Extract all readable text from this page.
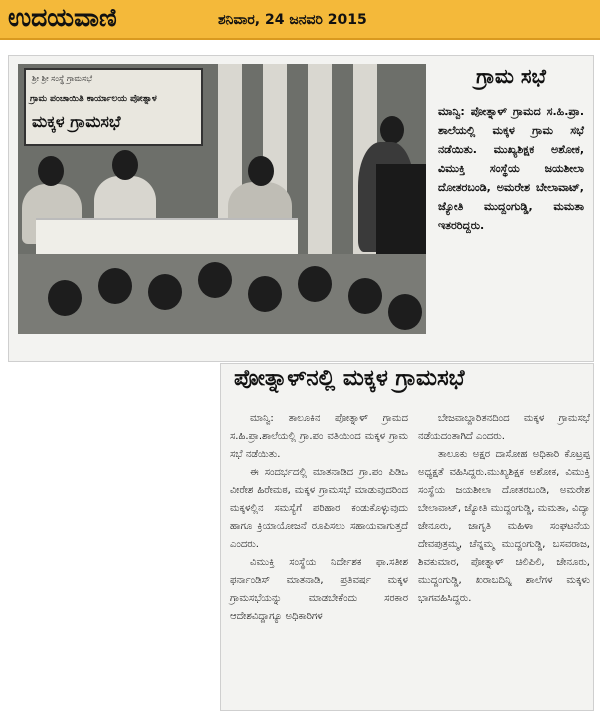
ಉದಯವಾಣಿ	ಶನಿವಾರ, 24 ಜನವರಿ 2015
ಶ್ರೀ ಶ್ರೀ ಸಂಸ್ಥೆ ಗ್ರಾಮಸಭೆ
ಗ್ರಾಮ ಪಂಚಾಯಿತಿ ಕಾರ್ಯಾಲಯ ಪೋತ್ನಾಳ
ಮಕ್ಕಳ ಗ್ರಾಮಸಭೆ
ಗ್ರಾಮ ಸಭೆ
ಮಾನ್ವಿ: ಪೋತ್ನಾಳ್ ಗ್ರಾಮದ ಸ.ಹಿ.ಪ್ರಾ. ಶಾಲೆಯಲ್ಲಿ ಮಕ್ಕಳ ಗ್ರಾಮ ಸಭೆ ನಡೆಯಿತು. ಮುಖ್ಯಶಿಕ್ಷಕ ಅಶೋಕ, ವಿಮುಕ್ತಿ ಸಂಸ್ಥೆಯ ಜಯಶೀಲಾ ದೋತರಬಂಡಿ, ಅಮರೇಶ ಬೇಲಾವಾಟ್, ಜ್ಯೋತಿ ಮುದ್ದಂಗುಡ್ಡಿ, ಮಮತಾ ಇತರರಿದ್ದರು.
ಪೋತ್ನಾಳ್‌ನಲ್ಲಿ ಮಕ್ಕಳ ಗ್ರಾಮಸಭೆ

ಮಾನ್ವಿ: ತಾಲೂಕಿನ ಪೋತ್ನಾಳ್ ಗ್ರಾಮದ ಸ.ಹಿ.ಪ್ರಾ.ಶಾಲೆಯಲ್ಲಿ ಗ್ರಾ.ಪಂ ವತಿಯಿಂದ ಮಕ್ಕಳ ಗ್ರಾಮ ಸಭೆ ನಡೆಯಿತು.

ಈ ಸಂದರ್ಭದಲ್ಲಿ ಮಾತನಾಡಿದ ಗ್ರಾ.ಪಂ ಪಿಡಿಒ ವೀರೇಶ ಹಿರೇಮಠ, ಮಕ್ಕಳ ಗ್ರಾಮಸಭೆ ಮಾಡುವುದರಿಂದ ಮಕ್ಕಳಲ್ಲಿನ ಸಮಸ್ಯೆಗೆ ಪರಿಹಾರ ಕಂಡುಕೊಳ್ಳುವುದು ಹಾಗೂ ಕ್ರಿಯಾಯೋಜನೆ ರೂಪಿಸಲು ಸಹಾಯವಾಗುತ್ತದೆ ಎಂದರು.

ವಿಮುಕ್ತಿ ಸಂಸ್ಥೆಯ ನಿರ್ದೇಶಕ ಫಾ.ಸತೀಶ ಫರ್ನಾಂಡಿಸ್ ಮಾತನಾಡಿ, ಪ್ರತಿವರ್ಷ ಮಕ್ಕಳ ಗ್ರಾಮಸಭೆಯನ್ನು ಮಾಡಬೇಕೆಂದು ಸರಕಾರ ಆದೇಶವಿದ್ದಾಗ್ಯೂ ಅಧಿಕಾರಿಗಳ

ಬೇಜವಾಬ್ದಾರಿತನದಿಂದ ಮಕ್ಕಳ ಗ್ರಾಮಸಭೆ ನಡೆಯದಂತಾಗಿದೆ ಎಂದರು.

ತಾಲೂಕು ಅಕ್ಷರ ದಾಸೋಹ ಅಧಿಕಾರಿ ಕೊಟ್ರಪ್ಪ ಅಧ್ಯಕ್ಷತೆ ವಹಿಸಿದ್ದರು.ಮುಖ್ಯಶಿಕ್ಷಕ ಅಶೋಕ, ವಿಮುಕ್ತಿ ಸಂಸ್ಥೆಯ ಜಯಶೀಲಾ ದೋತರಬಂಡಿ, ಅಮರೇಶ ಬೇಲಾವಾಟ್, ಜ್ಯೋತಿ ಮುದ್ದಂಗುಡ್ಡಿ, ಮಮತಾ, ವಿದ್ಯಾ ಜೇನೂರು, ಜಾಗೃತಿ ಮಹಿಳಾ ಸಂಘಟನೆಯ ದೇವಪುತ್ರಮ್ಮ, ಚೆನ್ನಮ್ಮ ಮುದ್ದಂಗುಡ್ಡಿ, ಬಸವರಾಜ, ಶಿವಕುಮಾರ, ಪೋತ್ನಾಳ್ ಚಿಲಿಪಿಲಿ, ಜೇನೂರು, ಮುದ್ದಂಗುಡ್ಡಿ, ಖರಾಬದಿನ್ನಿ ಶಾಲೆಗಳ ಮಕ್ಕಳು ಭಾಗವಹಿಸಿದ್ದರು.
